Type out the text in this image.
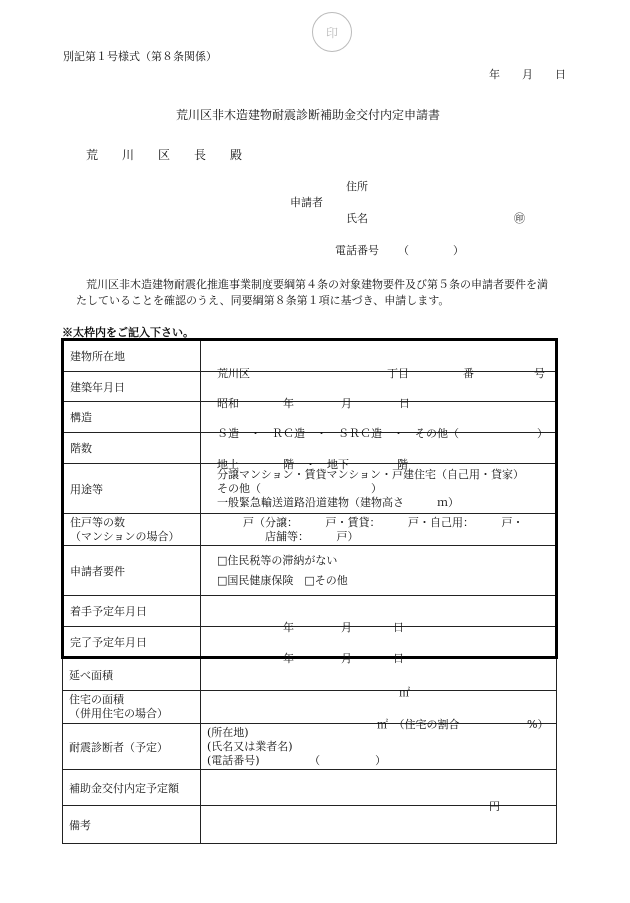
印
別記第１号様式（第８条関係）
年　　月　　日
荒川区非木造建物耐震診断補助金交付内定申請書
荒　　川　　区　　長　　殿
住所
申請者
氏名	㊞
電話番号 （　　　　）
荒川区非木造建物耐震化推進事業制度要綱第４条の対象建物要件及び第５条の申請者要件を満
たしていることを確認のうえ、同要綱第８条第１項に基づき、申請します。
※太枠内をご記入下さい。
建物所在地	荒川区 丁目 番 号

建築年月日	昭和 年 月 日

構造	Ｓ造　・　ＲＣ造　・　ＳＲＣ造　・　その他（ ）

階数	地上 階　・　地下 階

用途等	分譲マンション・賃貸マンション・戸建住宅（自己用・貸家）
その他（　　　　　　　　　　）
一般緊急輸送道路沿道建物（建物高さ　　　ｍ）

住戸等の数
（マンションの場合）	戸（分譲：　　　戸・賃貸：　　　戸・自己用：　　　戸・
店舗等：　　　戸）

申請者要件	□住民税等の滞納がない
□国民健康保険　□その他

着手予定年月日	年 月 日

完了予定年月日	年 月 日

延べ面積	㎡

住宅の面積
（併用住宅の場合）	㎡　（住宅の割合 %）

耐震診断者（予定）	(所在地)
(氏名又は業者名)
(電話番号)　　　　　（　　　　　）

補助金交付内定予定額	円

備考	
